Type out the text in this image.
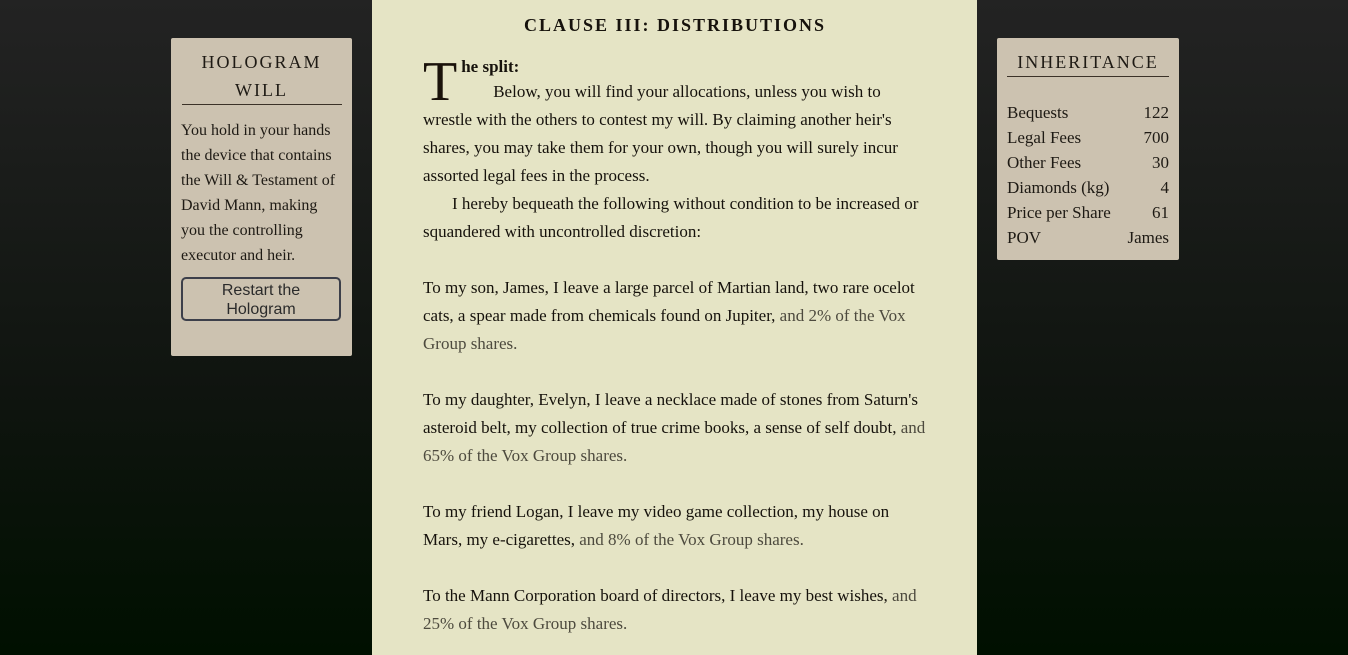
HOLOGRAM WILL
You hold in your hands the device that contains the Will & Testament of David Mann, making you the controlling executor and heir.
Restart the Hologram
CLAUSE III: DISTRIBUTIONS
T he split:

Below, you will find your allocations, unless you wish to wrestle with the others to contest my will. By claiming another heir's shares, you may take them for your own, though you will surely incur assorted legal fees in the process.

I hereby bequeath the following without condition to be increased or squandered with uncontrolled discretion:

To my son, James, I leave a large parcel of Martian land, two rare ocelot cats, a spear made from chemicals found on Jupiter, and 2% of the Vox Group shares.

To my daughter, Evelyn, I leave a necklace made of stones from Saturn's asteroid belt, my collection of true crime books, a sense of self doubt, and 65% of the Vox Group shares.

To my friend Logan, I leave my video game collection, my house on Mars, my e-cigarettes, and 8% of the Vox Group shares.

To the Mann Corporation board of directors, I leave my best wishes, and 25% of the Vox Group shares.

INHERITANCE
Bequests	122
Legal Fees	700
Other Fees	30
Diamonds (kg)	4
Price per Share 61
POV	James
